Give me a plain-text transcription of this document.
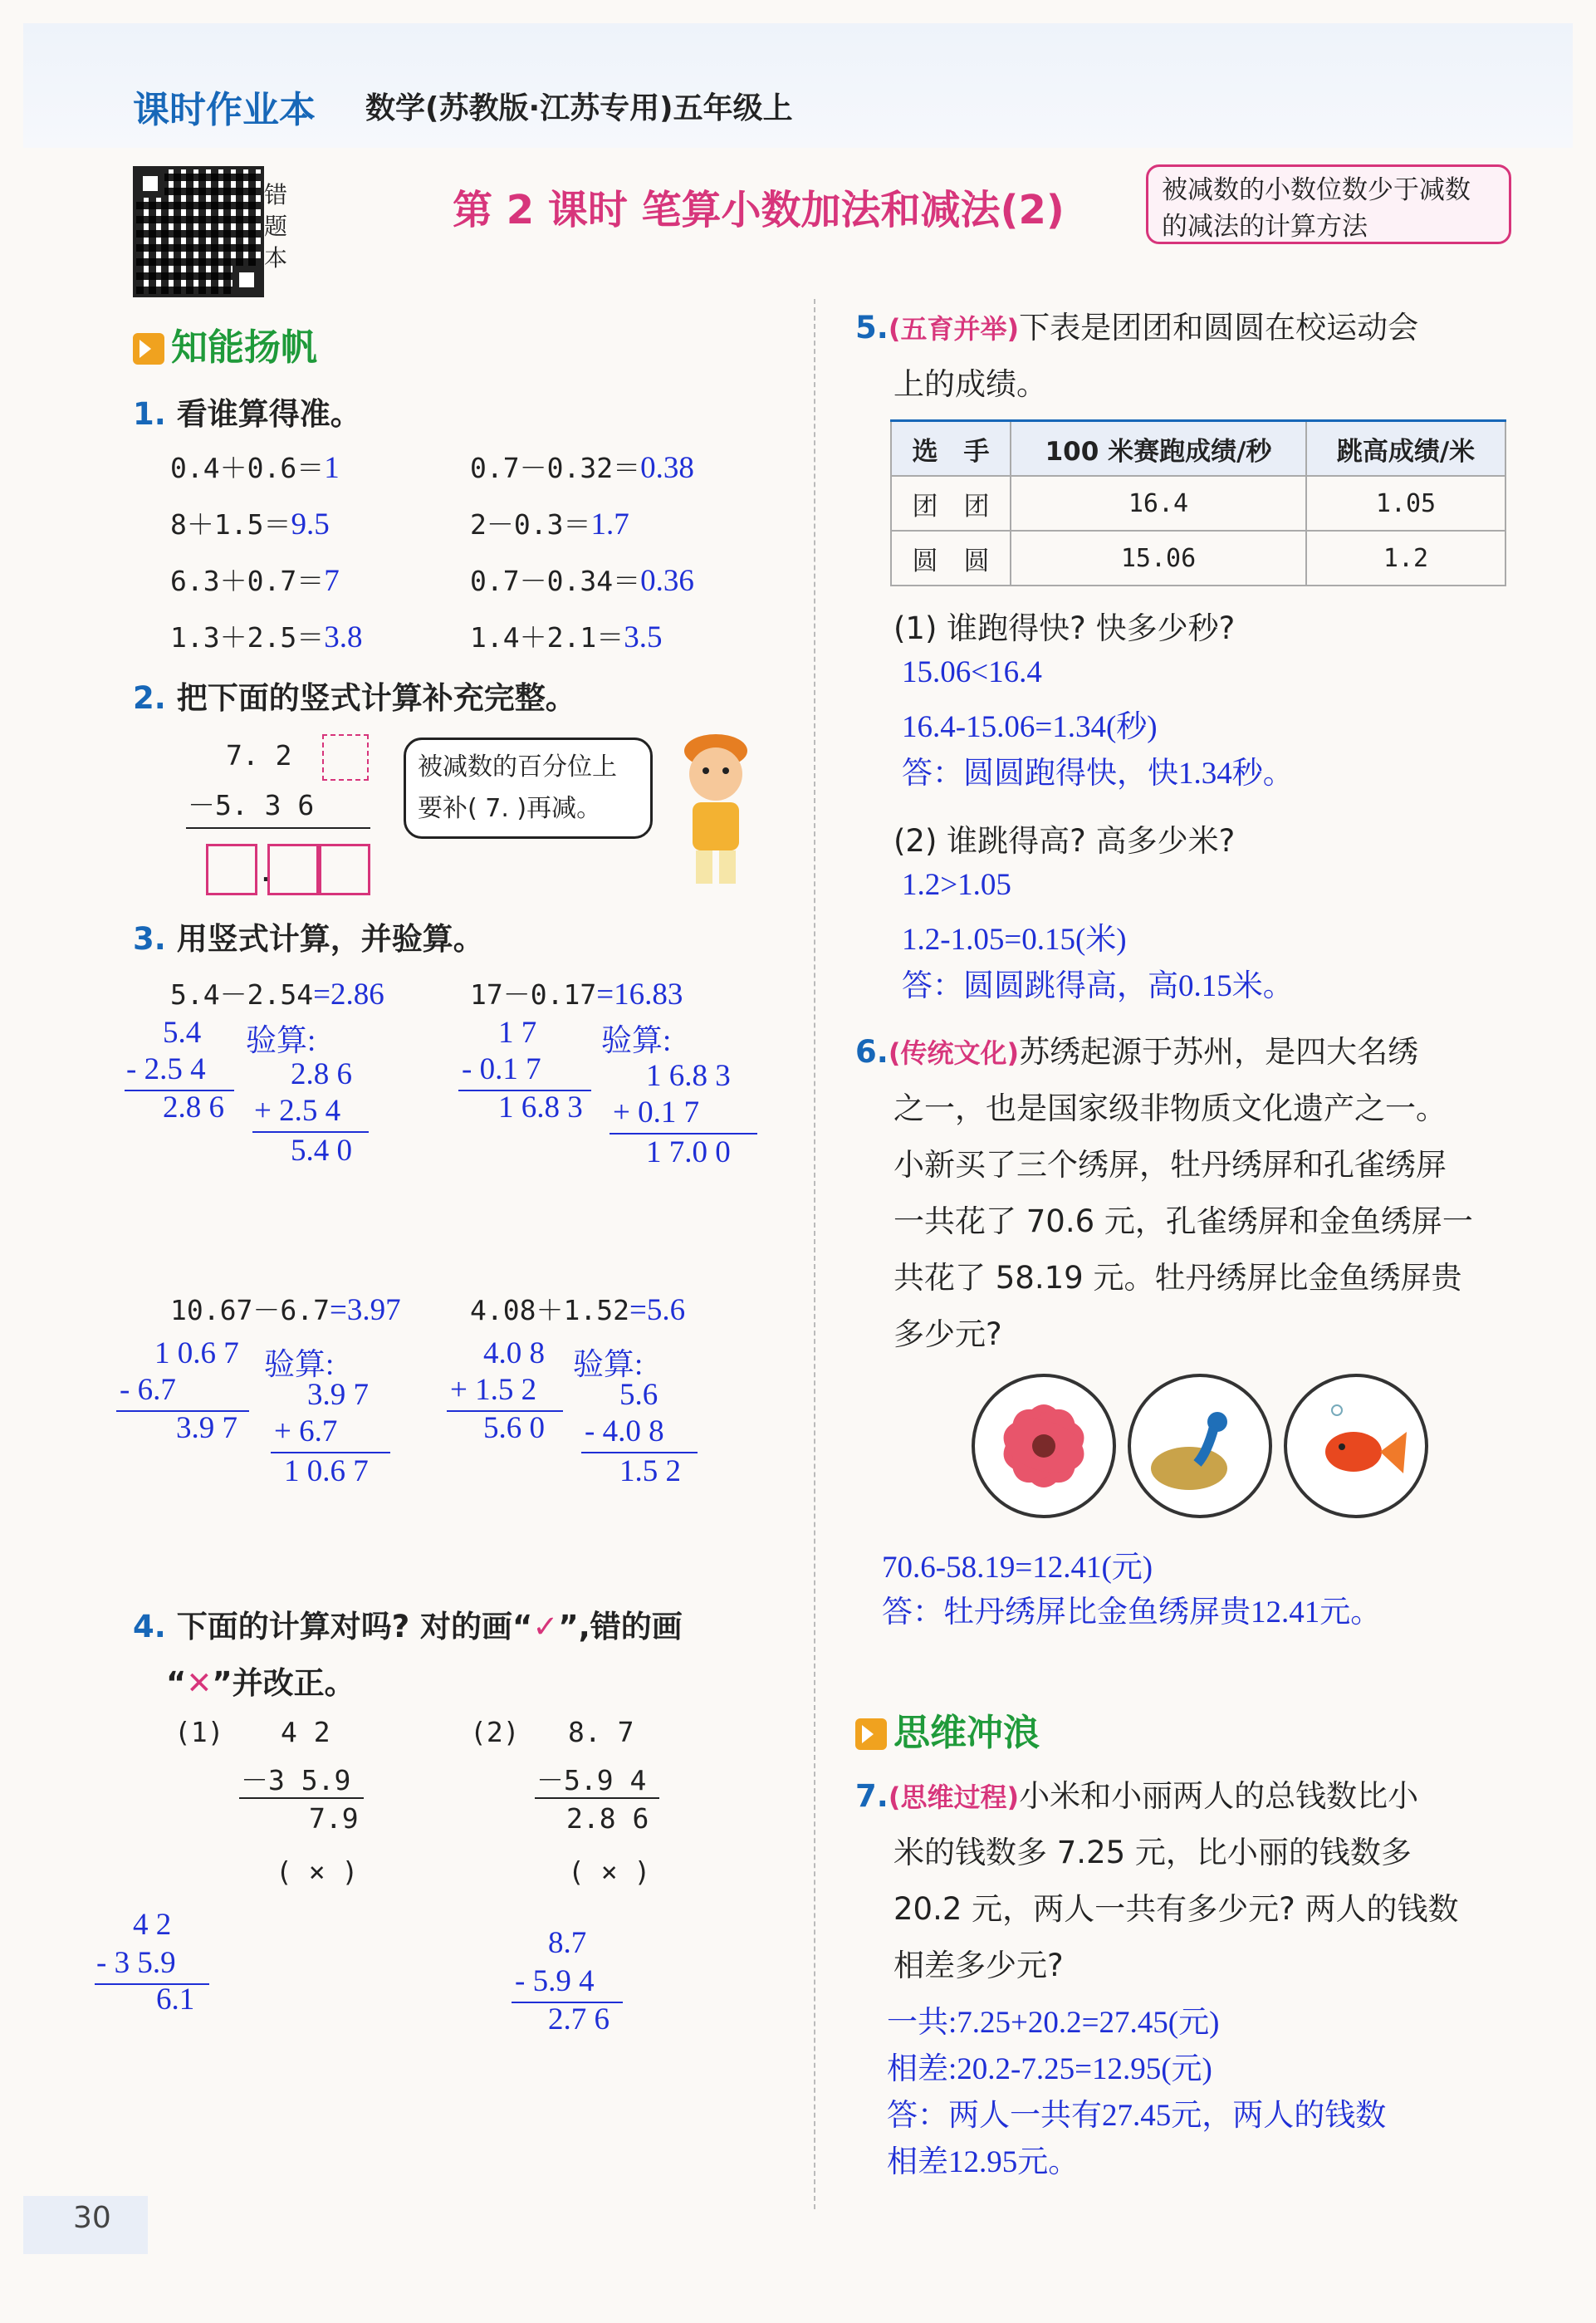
课时作业本 数学(苏教版·江苏专用)五年级上
错
题
本
第 2 课时 笔算小数加法和减法(2)	被减数的小数位数少于减数的减法的计算方法
知能扬帆
1. 看谁算得准。
0.4＋0.6＝1	0.7－0.32＝0.38
8＋1.5＝9.5	2－0.3＝1.7
6.3＋0.7＝7	0.7－0.34＝0.36
1.3＋2.5＝3.8	1.4＋2.1＝3.5
2. 把下面的竖式计算补充完整。
7. 2
－5. 3 6
.
被减数的百分位上要补( 7. )再减。
3. 用竖式计算，并验算。
5.4－2.54=2.86
5.4
- 2.5 4
2.8 6
验算:
2.8 6
+ 2.5 4
5.4 0
17－0.17=16.83
1 7
- 0.1 7
1 6.8 3
验算:
1 6.8 3
+ 0.1 7
1 7.0 0
10.67－6.7=3.97
1 0.6 7
- 6.7
3.9 7
验算:
3.9 7
+ 6.7
1 0.6 7
4.08＋1.52=5.6
4.0 8
+ 1.5 2
5.6 0
验算:
5.6
- 4.0 8
1.5 2
4. 下面的计算对吗? 对的画“✓”,错的画
“✕”并改正。
(1) 4 2
－3 5.9
7.9
( × )
4 2
- 3 5.9
6.1
(2) 8. 7
－5.9 4
2.8 6
( × )
8.7
- 5.9 4
2.7 6
5.(五育并举)下表是团团和圆圆在校运动会
上的成绩。
选　手	100 米赛跑成绩/秒	跳高成绩/米
团　团	16.4	1.05
圆　圆	15.06	1.2
(1) 谁跑得快? 快多少秒?
15.06<16.4
16.4-15.06=1.34(秒)
答：圆圆跑得快，快1.34秒。
(2) 谁跳得高? 高多少米?
1.2>1.05
1.2-1.05=0.15(米)
答：圆圆跳得高，高0.15米。
6.(传统文化)苏绣起源于苏州，是四大名绣
之一，也是国家级非物质文化遗产之一。
小新买了三个绣屏，牡丹绣屏和孔雀绣屏
一共花了 70.6 元，孔雀绣屏和金鱼绣屏一
共花了 58.19 元。牡丹绣屏比金鱼绣屏贵
多少元?
70.6-58.19=12.41(元)
答：牡丹绣屏比金鱼绣屏贵12.41元。
思维冲浪
7.(思维过程)小米和小丽两人的总钱数比小
米的钱数多 7.25 元，比小丽的钱数多
20.2 元，两人一共有多少元? 两人的钱数
相差多少元?
一共:7.25+20.2=27.45(元)
相差:20.2-7.25=12.95(元)
答：两人一共有27.45元，两人的钱数
相差12.95元。
30
